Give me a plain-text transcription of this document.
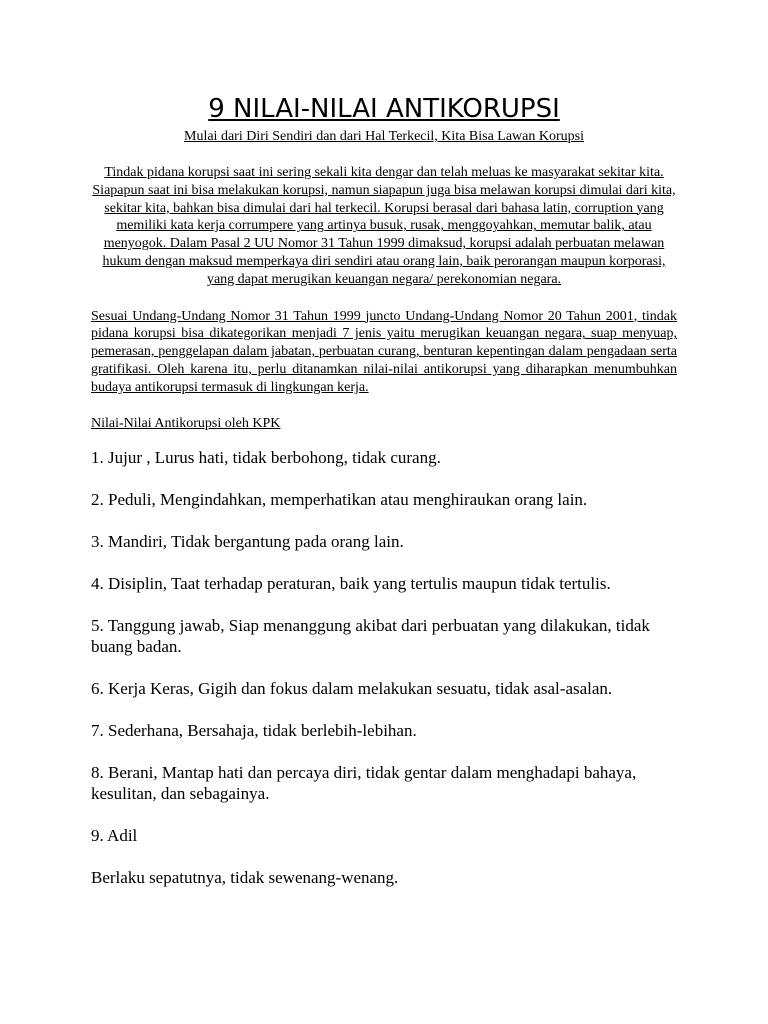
9 NILAI-NILAI ANTIKORUPSI

Mulai dari Diri Sendiri dan dari Hal Terkecil, Kita Bisa Lawan Korupsi

Tindak pidana korupsi saat ini sering sekali kita dengar dan telah meluas ke masyarakat sekitar kita. Siapapun saat ini bisa melakukan korupsi, namun siapapun juga bisa melawan korupsi dimulai dari kita, sekitar kita, bahkan bisa dimulai dari hal terkecil. Korupsi berasal dari bahasa latin, corruption yang memiliki kata kerja corrumpere yang artinya busuk, rusak, menggoyahkan, memutar balik, atau menyogok. Dalam Pasal 2 UU Nomor 31 Tahun 1999 dimaksud, korupsi adalah perbuatan melawan hukum dengan maksud memperkaya diri sendiri atau orang lain, baik perorangan maupun korporasi, yang dapat merugikan keuangan negara/ perekonomian negara.

Sesuai Undang-Undang Nomor 31 Tahun 1999 juncto Undang-Undang Nomor 20 Tahun 2001, tindak pidana korupsi bisa dikategorikan menjadi 7 jenis yaitu merugikan keuangan negara, suap menyuap, pemerasan, penggelapan dalam jabatan, perbuatan curang, benturan kepentingan dalam pengadaan serta gratifikasi. Oleh karena itu, perlu ditanamkan nilai-nilai antikorupsi yang diharapkan menumbuhkan budaya antikorupsi termasuk di lingkungan kerja.

Nilai-Nilai Antikorupsi oleh KPK

1. Jujur , Lurus hati, tidak berbohong, tidak curang.
2. Peduli, Mengindahkan, memperhatikan atau menghiraukan orang lain.
3. Mandiri, Tidak bergantung pada orang lain.
4. Disiplin, Taat terhadap peraturan, baik yang tertulis maupun tidak tertulis.
5. Tanggung jawab, Siap menanggung akibat dari perbuatan yang dilakukan, tidak buang badan.
6. Kerja Keras, Gigih dan fokus dalam melakukan sesuatu, tidak asal-asalan.
7. Sederhana, Bersahaja, tidak berlebih-lebihan.
8. Berani, Mantap hati dan percaya diri, tidak gentar dalam menghadapi bahaya, kesulitan, dan sebagainya.
9. Adil

Berlaku sepatutnya, tidak sewenang-wenang.
